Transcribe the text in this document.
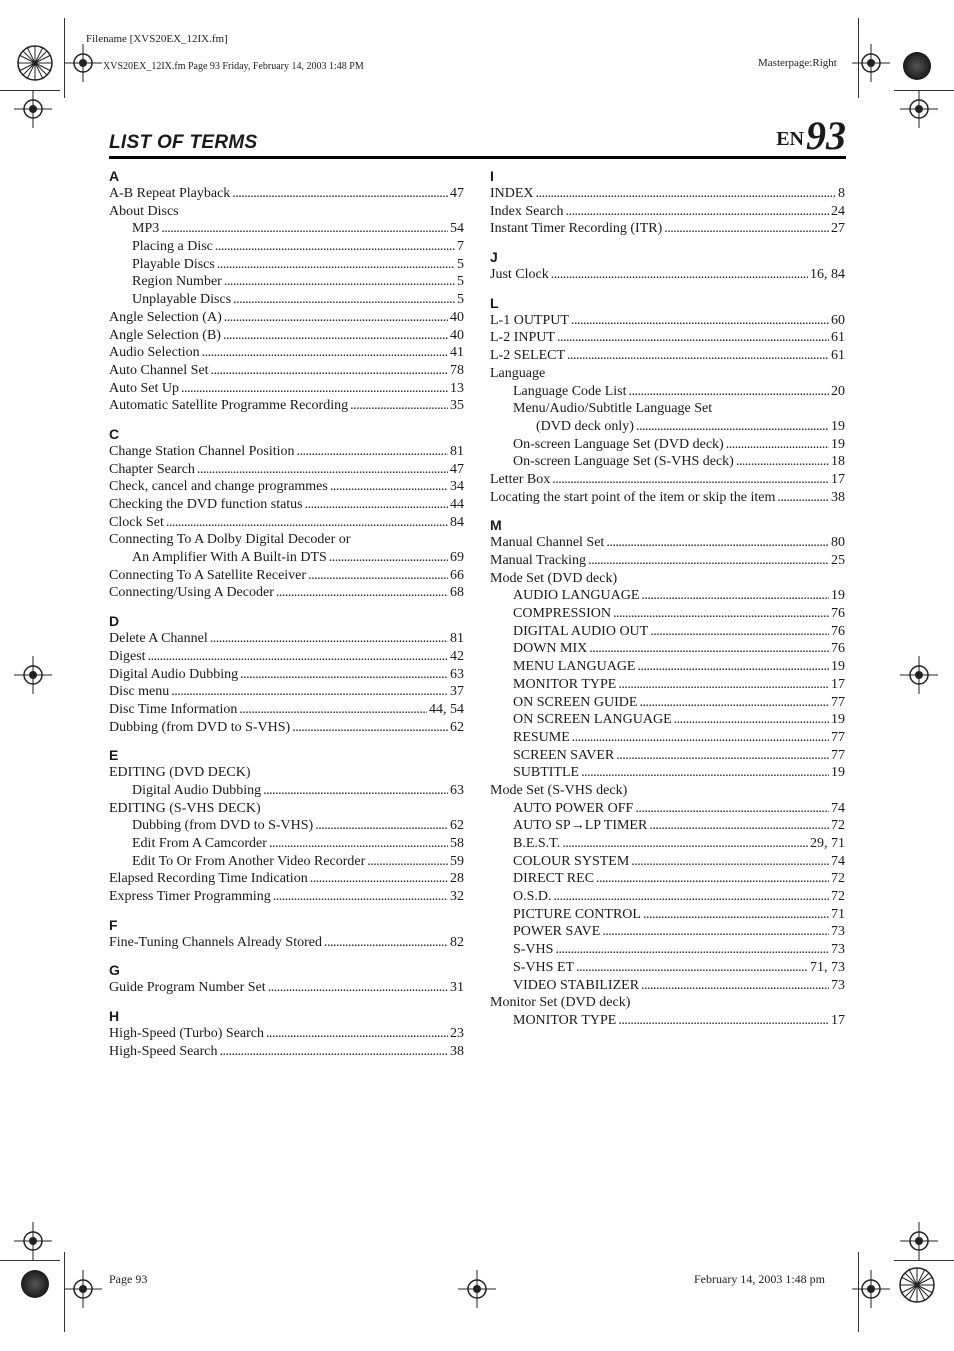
Filename [XVS20EX_12IX.fm]
XVS20EX_12IX.fm Page 93 Friday, February 14, 2003 1:48 PM	Masterpage:Right
LIST OF TERMS	EN93
A
A-B Repeat Playback . . .	47
About Discs
MP3 . . .	54
Placing a Disc . . .	7
Playable Discs . . .	5
Region Number . . .	5
Unplayable Discs . . .	5
Angle Selection (A) . . .	40
Angle Selection (B) . . .	40
Audio Selection . . .	41
Auto Channel Set . . .	78
Auto Set Up . . .	13
Automatic Satellite Programme Recording . . .	35
C
Change Station Channel Position . . .	81
Chapter Search . . .	47
Check, cancel and change programmes . . .	34
Checking the DVD function status . . .	44
Clock Set . . .	84
Connecting To A Dolby Digital Decoder or
An Amplifier With A Built-in DTS . . .	69
Connecting To A Satellite Receiver . . .	66
Connecting/Using A Decoder . . .	68
D
Delete A Channel . . .	81
Digest . . .	42
Digital Audio Dubbing . . .	63
Disc menu . . .	37
Disc Time Information . . .	44, 54
Dubbing (from DVD to S-VHS) . . .	62
E
EDITING (DVD DECK)
Digital Audio Dubbing . . .	63
EDITING (S-VHS DECK)
Dubbing (from DVD to S-VHS) . . .	62
Edit From A Camcorder . . .	58
Edit To Or From Another Video Recorder . . .	59
Elapsed Recording Time Indication . . .	28
Express Timer Programming . . .	32
F
Fine-Tuning Channels Already Stored . . .	82
G
Guide Program Number Set . . .	31
H
High-Speed (Turbo) Search . . .	23
High-Speed Search . . .	38
I
INDEX . . .	8
Index Search . . .	24
Instant Timer Recording (ITR) . . .	27
J
Just Clock . . .	16, 84
L
L-1 OUTPUT . . .	60
L-2 INPUT . . .	61
L-2 SELECT . . .	61
Language
Language Code List . . .	20
Menu/Audio/Subtitle Language Set
(DVD deck only) . . .	19
On-screen Language Set (DVD deck) . . .	19
On-screen Language Set (S-VHS deck) . . .	18
Letter Box . . .	17
Locating the start point of the item or skip the item . . .	38
M
Manual Channel Set . . .	80
Manual Tracking . . .	25
Mode Set (DVD deck)
AUDIO LANGUAGE . . .	19
COMPRESSION . . .	76
DIGITAL AUDIO OUT . . .	76
DOWN MIX . . .	76
MENU LANGUAGE . . .	19
MONITOR TYPE . . .	17
ON SCREEN GUIDE . . .	77
ON SCREEN LANGUAGE . . .	19
RESUME . . .	77
SCREEN SAVER . . .	77
SUBTITLE . . .	19
Mode Set (S-VHS deck)
AUTO POWER OFF . . .	74
AUTO SP→LP TIMER . . .	72
B.E.S.T. . . .	29, 71
COLOUR SYSTEM . . .	74
DIRECT REC . . .	72
O.S.D. . . .	72
PICTURE CONTROL . . .	71
POWER SAVE . . .	73
S-VHS . . .	73
S-VHS ET . . .	71, 73
VIDEO STABILIZER . . .	73
Monitor Set (DVD deck)
MONITOR TYPE . . .	17
Page 93	February 14, 2003 1:48 pm
